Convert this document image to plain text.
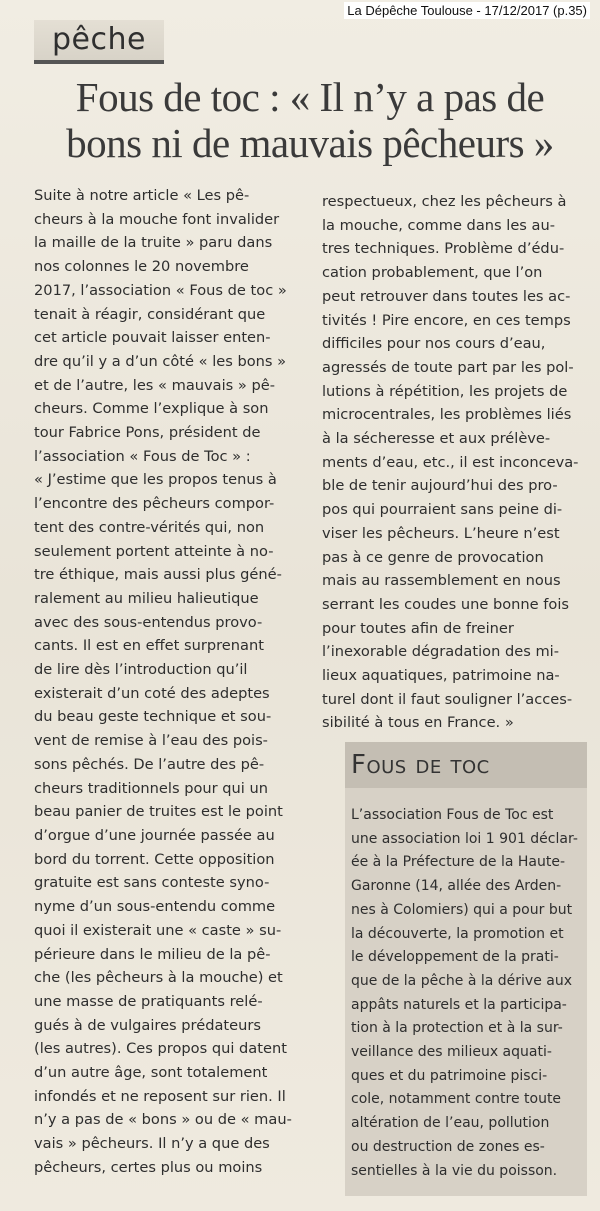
La Dépêche Toulouse - 17/12/2017 (p.35)
pêche
Fous de toc : « Il n’y a pas de
bons ni de mauvais pêcheurs »
Suite à notre article « Les pê-
cheurs à la mouche font invalider
la maille de la truite » paru dans
nos colonnes le 20 novembre
2017, l’association « Fous de toc »
tenait à réagir, considérant que
cet article pouvait laisser enten-
dre qu’il y a d’un côté « les bons »
et de l’autre, les « mauvais » pê-
cheurs. Comme l’explique à son
tour Fabrice Pons, président de
l’association « Fous de Toc » :
« J’estime que les propos tenus à
l’encontre des pêcheurs compor-
tent des contre-vérités qui, non
seulement portent atteinte à no-
tre éthique, mais aussi plus géné-
ralement au milieu halieutique
avec des sous-entendus provo-
cants. Il est en effet surprenant
de lire dès l’introduction qu’il
existerait d’un coté des adeptes
du beau geste technique et sou-
vent de remise à l’eau des pois-
sons pêchés. De l’autre des pê-
cheurs traditionnels pour qui un
beau panier de truites est le point
d’orgue d’une journée passée au
bord du torrent. Cette opposition
gratuite est sans conteste syno-
nyme d’un sous-entendu comme
quoi il existerait une « caste » su-
périeure dans le milieu de la pê-
che (les pêcheurs à la mouche) et
une masse de pratiquants relé-
gués à de vulgaires prédateurs
(les autres). Ces propos qui datent
d’un autre âge, sont totalement
infondés et ne reposent sur rien. Il
n’y a pas de « bons » ou de « mau-
vais » pêcheurs. Il n’y a que des
pêcheurs, certes plus ou moins
respectueux, chez les pêcheurs à
la mouche, comme dans les au-
tres techniques. Problème d’édu-
cation probablement, que l’on
peut retrouver dans toutes les ac-
tivités ! Pire encore, en ces temps
difficiles pour nos cours d’eau,
agressés de toute part par les pol-
lutions à répétition, les projets de
microcentrales, les problèmes liés
à la sécheresse et aux prélève-
ments d’eau, etc., il est inconceva-
ble de tenir aujourd’hui des pro-
pos qui pourraient sans peine di-
viser les pêcheurs. L’heure n’est
pas à ce genre de provocation
mais au rassemblement en nous
serrant les coudes une bonne fois
pour toutes afin de freiner
l’inexorable dégradation des mi-
lieux aquatiques, patrimoine na-
turel dont il faut souligner l’acces-
sibilité à tous en France. »
Fous de toc
L’association Fous de Toc est
une association loi 1 901 déclar-
ée à la Préfecture de la Haute-
Garonne (14, allée des Arden-
nes à Colomiers) qui a pour but
la découverte, la promotion et
le développement de la prati-
que de la pêche à la dérive aux
appâts naturels et la participa-
tion à la protection et à la sur-
veillance des milieux aquati-
ques et du patrimoine pisci-
cole, notamment contre toute
altération de l’eau, pollution
ou destruction de zones es-
sentielles à la vie du poisson.
